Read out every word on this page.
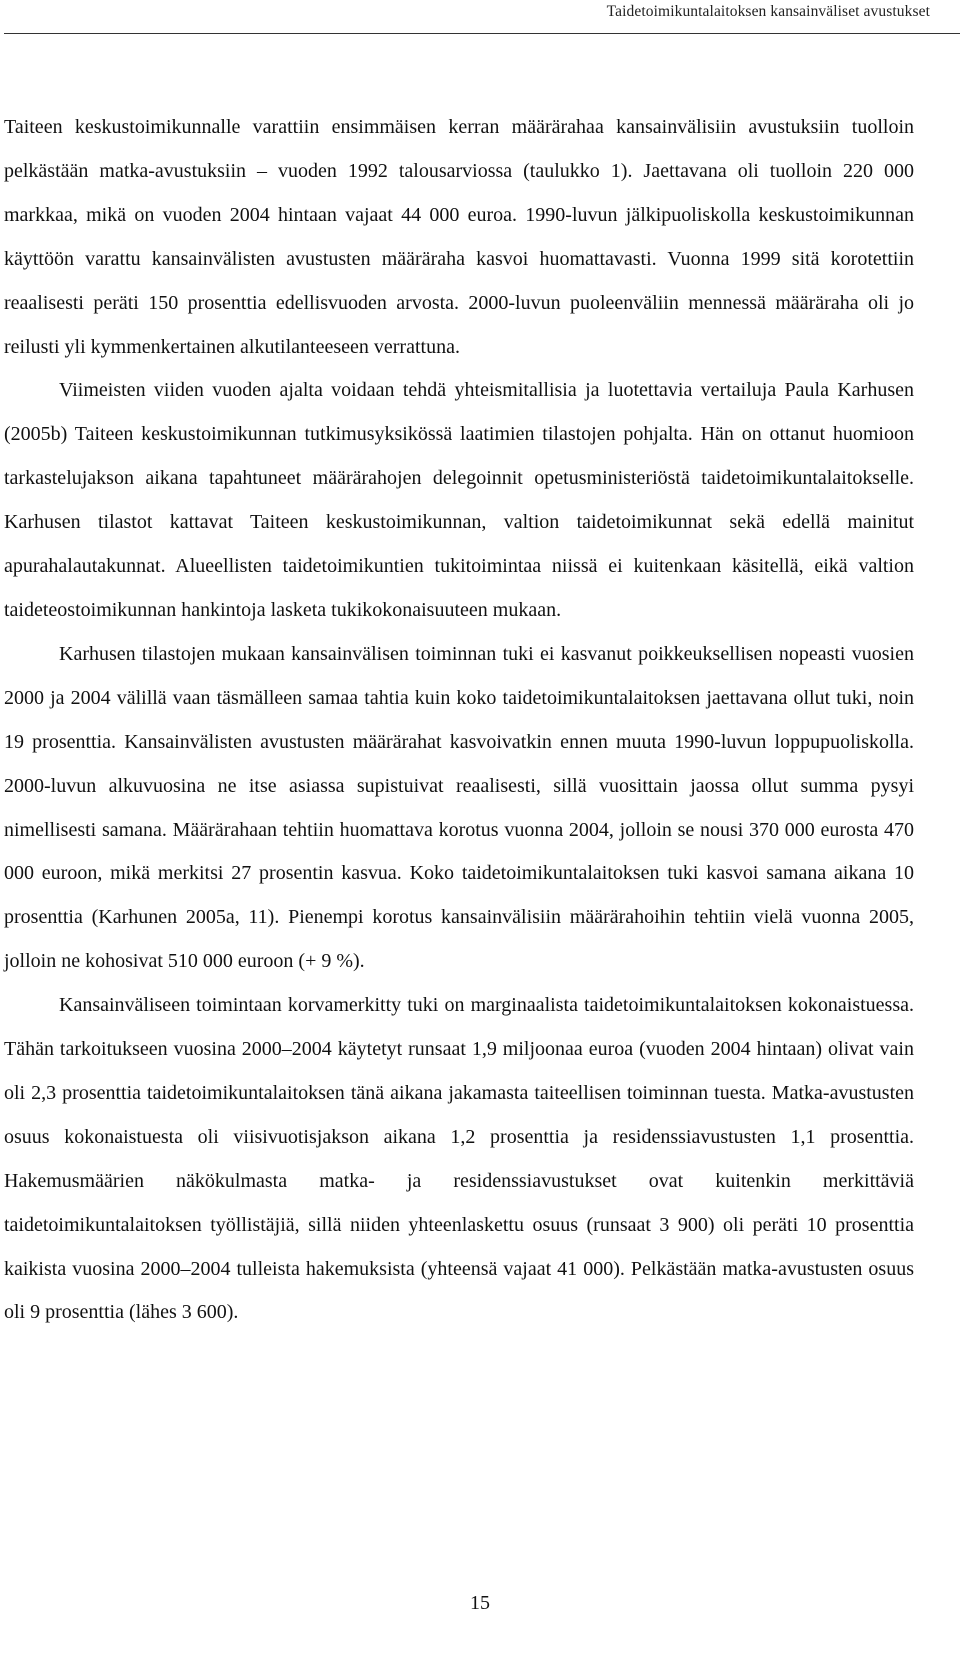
Taidetoimikuntalaitoksen kansainväliset avustukset

Taiteen keskustoimikunnalle varattiin ensimmäisen kerran määrärahaa kansainvälisiin avustuksiin tuolloin pelkästään matka-avustuksiin – vuoden 1992 talousarviossa (taulukko 1). Jaettavana oli tuolloin 220 000 markkaa, mikä on vuoden 2004 hintaan vajaat 44 000 euroa. 1990-luvun jälkipuoliskolla keskustoimikunnan käyttöön varattu kansainvälisten avustusten määräraha kasvoi huomattavasti. Vuonna 1999 sitä korotettiin reaalisesti peräti 150 prosenttia edellisvuoden arvosta. 2000-luvun puoleenväliin mennessä määräraha oli jo reilusti yli kymmenkertainen alkutilanteeseen verrattuna.

Viimeisten viiden vuoden ajalta voidaan tehdä yhteismitallisia ja luotettavia vertailuja Paula Karhusen (2005b) Taiteen keskustoimikunnan tutkimusyksikössä laatimien tilastojen pohjalta. Hän on ottanut huomioon tarkastelujakson aikana tapahtuneet määrärahojen delegoinnit opetusministeriöstä taidetoimikuntalaitokselle. Karhusen tilastot kattavat Taiteen keskustoimikunnan, valtion taidetoimikunnat sekä edellä mainitut apurahalautakunnat. Alueellisten taidetoimikuntien tukitoimintaa niissä ei kuitenkaan käsitellä, eikä valtion taideteostoimikunnan hankintoja lasketa tukikokonaisuuteen mukaan.

Karhusen tilastojen mukaan kansainvälisen toiminnan tuki ei kasvanut poikkeuksellisen nopeasti vuosien 2000 ja 2004 välillä vaan täsmälleen samaa tahtia kuin koko taidetoimikuntalaitoksen jaettavana ollut tuki, noin 19 prosenttia. Kansainvälisten avustusten määrärahat kasvoivatkin ennen muuta 1990-luvun loppupuoliskolla. 2000-luvun alkuvuosina ne itse asiassa supistuivat reaalisesti, sillä vuosittain jaossa ollut summa pysyi nimellisesti samana. Määrärahaan tehtiin huomattava korotus vuonna 2004, jolloin se nousi 370 000 eurosta 470 000 euroon, mikä merkitsi 27 prosentin kasvua. Koko taidetoimikuntalaitoksen tuki kasvoi samana aikana 10 prosenttia (Karhunen 2005a, 11). Pienempi korotus kansainvälisiin määrärahoihin tehtiin vielä vuonna 2005, jolloin ne kohosivat 510 000 euroon (+ 9 %).

Kansainväliseen toimintaan korvamerkitty tuki on marginaalista taidetoimikuntalaitoksen kokonaistuessa. Tähän tarkoitukseen vuosina 2000–2004 käytetyt runsaat 1,9 miljoonaa euroa (vuoden 2004 hintaan) olivat vain oli 2,3 prosenttia taidetoimikuntalaitoksen tänä aikana jakamasta taiteellisen toiminnan tuesta. Matka-avustusten osuus kokonaistuesta oli viisivuotisjakson aikana 1,2 prosenttia ja residenssiavustusten 1,1 prosenttia. Hakemusmäärien näkökulmasta matka- ja residenssiavustukset ovat kuitenkin merkittäviä taidetoimikuntalaitoksen työllistäjiä, sillä niiden yhteenlaskettu osuus (runsaat 3 900) oli peräti 10 prosenttia kaikista vuosina 2000–2004 tulleista hakemuksista (yhteensä vajaat 41 000). Pelkästään matka-avustusten osuus oli 9 prosenttia (lähes 3 600).

15
